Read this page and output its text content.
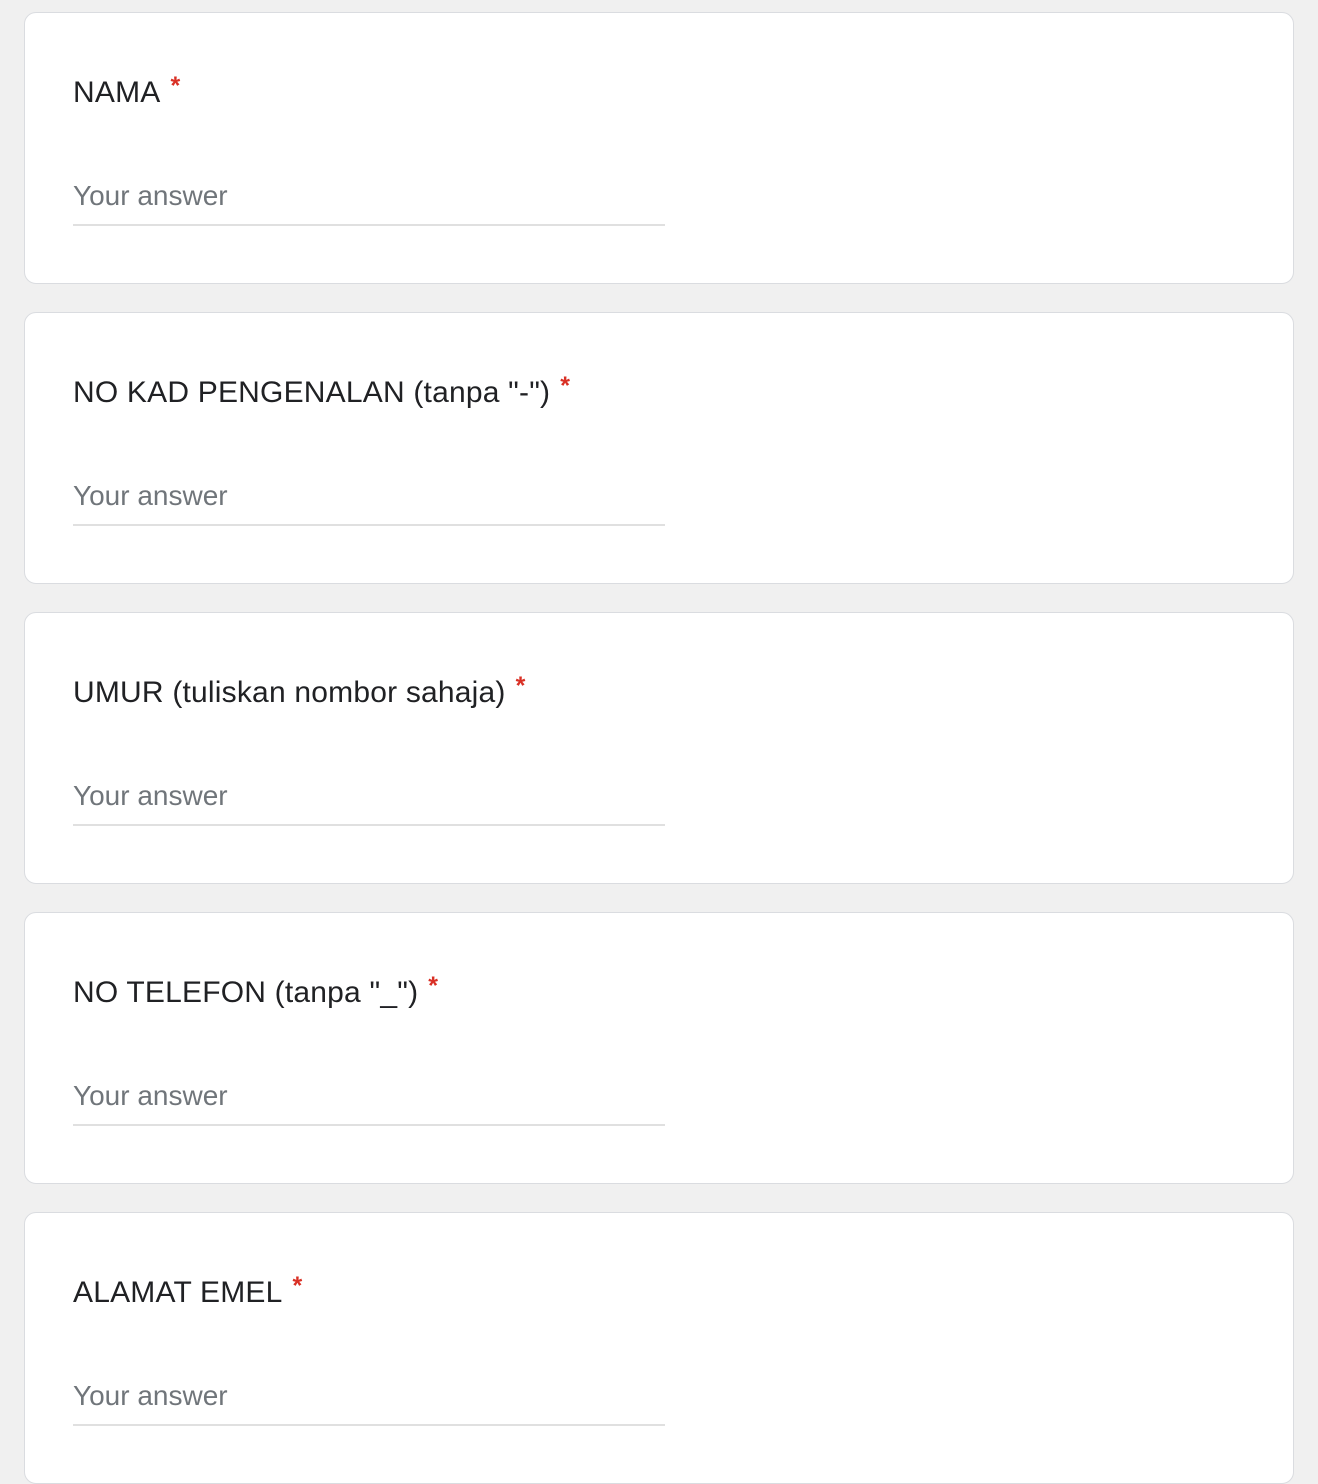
NAMA *
Your answer
NO KAD PENGENALAN (tanpa "-") *
Your answer
UMUR (tuliskan nombor sahaja) *
Your answer
NO TELEFON (tanpa "_") *
Your answer
ALAMAT EMEL *
Your answer
